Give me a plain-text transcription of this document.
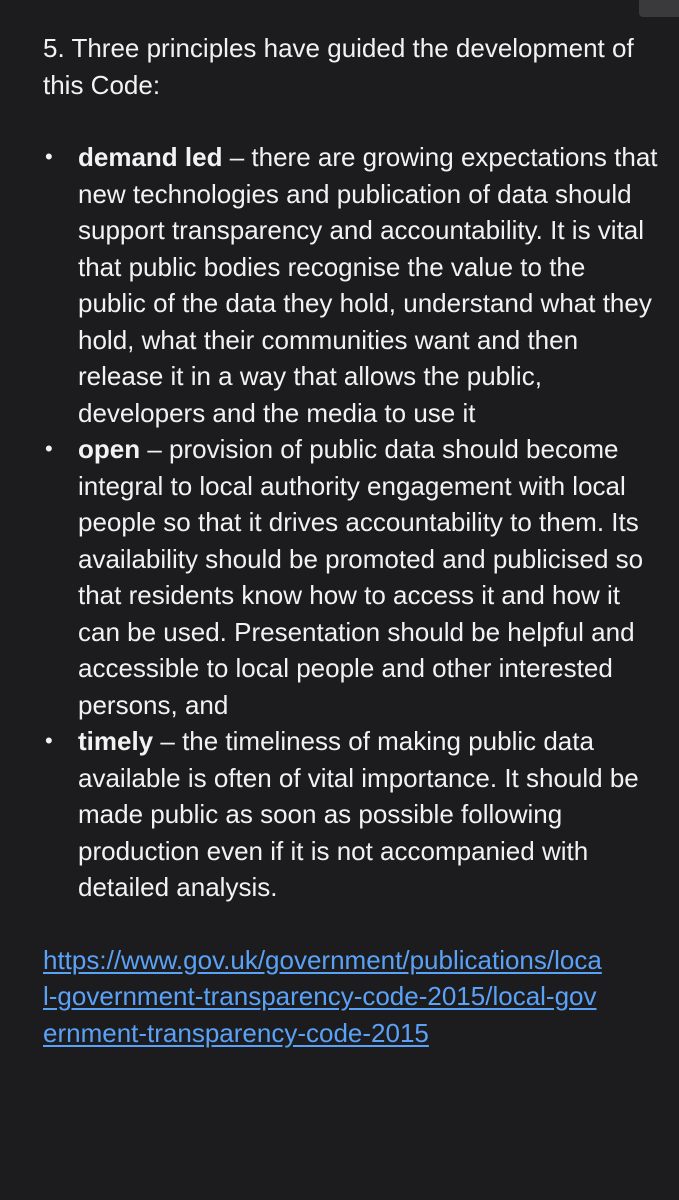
5. Three principles have guided the development of this Code:

• demand led – there are growing expectations that new technologies and publication of data should support transparency and accountability. It is vital that public bodies recognise the value to the public of the data they hold, understand what they hold, what their communities want and then release it in a way that allows the public, developers and the media to use it
• open – provision of public data should become integral to local authority engagement with local people so that it drives accountability to them. Its availability should be promoted and publicised so that residents know how to access it and how it can be used. Presentation should be helpful and accessible to local people and other interested persons, and
• timely – the timeliness of making public data available is often of vital importance. It should be made public as soon as possible following production even if it is not accompanied with detailed analysis.
https://www.gov.uk/government/publications/local-government-transparency-code-2015/local-government-transparency-code-2015
